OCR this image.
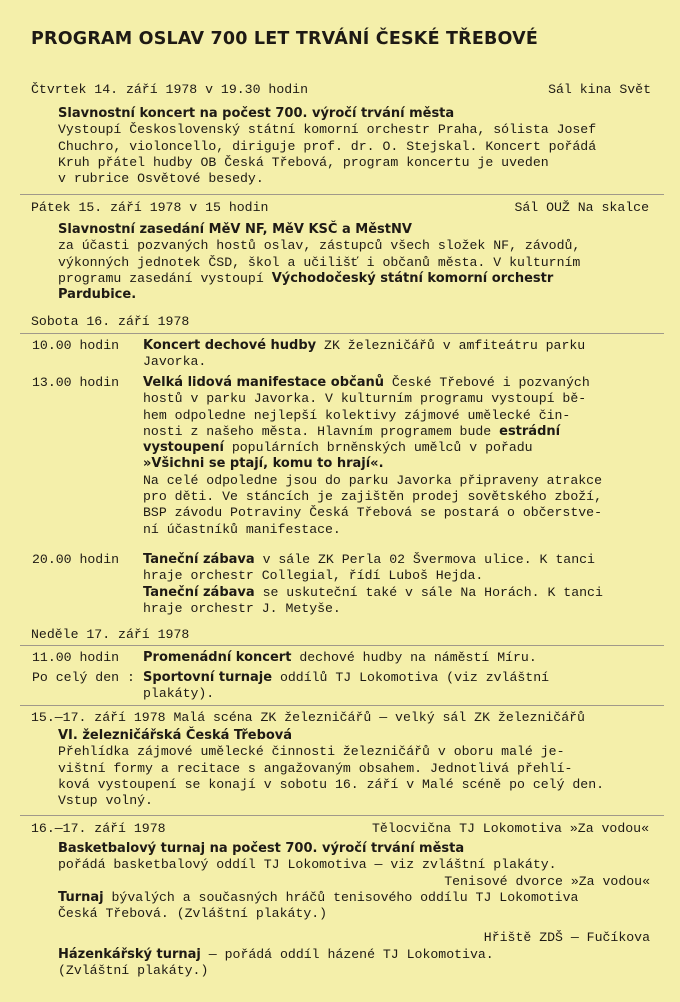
PROGRAM OSLAV 700 LET TRVÁNÍ ČESKÉ TŘEBOVÉ
Čtvrtek 14. září 1978 v 19.30 hodin	Sál kina Svět
Slavnostní koncert na počest 700. výročí trvání města
Vystoupí Československý státní komorní orchestr Praha, sólista Josef
Chuchro, violoncello, diriguje prof. dr. O. Stejskal. Koncert pořádá
Kruh přátel hudby OB Česká Třebová, program koncertu je uveden
v rubrice Osvětové besedy.
Pátek 15. září 1978 v 15 hodin	Sál OUŽ Na skalce
Slavnostní zasedání MěV NF, MěV KSČ a MěstNV
za účasti pozvaných hostů oslav, zástupců všech složek NF, závodů,
výkonných jednotek ČSD, škol a učilišť i občanů města. V kulturním
programu zasedání vystoupí Východočeský státní komorní orchestr
Pardubice.
Sobota 16. září 1978
10.00 hodin Koncert dechové hudby ZK železničářů v amfiteátru parku
Javorka.
13.00 hodin Velká lidová manifestace občanů České Třebové i pozvaných
hostů v parku Javorka. V kulturním programu vystoupí bě-
hem odpoledne nejlepší kolektivy zájmové umělecké čin-
nosti z našeho města. Hlavním programem bude estrádní
vystoupení populárních brněnských umělců v pořadu
»Všichni se ptají, komu to hrají«.
Na celé odpoledne jsou do parku Javorka připraveny atrakce
pro děti. Ve stáncích je zajištěn prodej sovětského zboží,
BSP závodu Potraviny Česká Třebová se postará o občerstve-
ní účastníků manifestace.
20.00 hodin Taneční zábava v sále ZK Perla 02 Švermova ulice. K tanci
hraje orchestr Collegial, řídí Luboš Hejda.
Taneční zábava se uskuteční také v sále Na Horách. K tanci
hraje orchestr J. Metyše.
Neděle 17. září 1978
11.00 hodin Promenádní koncert dechové hudby na náměstí Míru.
Po celý den : Sportovní turnaje oddílů TJ Lokomotiva (viz zvláštní
plakáty).
15.—17. září 1978 Malá scéna ZK železničářů — velký sál ZK železničářů
VI. železničářská Česká Třebová
Přehlídka zájmové umělecké činnosti železničářů v oboru malé je-
vištní formy a recitace s angažovaným obsahem. Jednotlivá přehlí-
ková vystoupení se konají v sobotu 16. září v Malé scéně po celý den.
Vstup volný.
16.—17. září 1978	Tělocvična TJ Lokomotiva »Za vodou«
Basketbalový turnaj na počest 700. výročí trvání města
pořádá basketbalový oddíl TJ Lokomotiva — viz zvláštní plakáty.
Tenisové dvorce »Za vodou«
Turnaj bývalých a současných hráčů tenisového oddílu TJ Lokomotiva
Česká Třebová. (Zvláštní plakáty.)
Hřiště ZDŠ — Fučíkova
Házenkářský turnaj — pořádá oddíl házené TJ Lokomotiva.
(Zvláštní plakáty.)
